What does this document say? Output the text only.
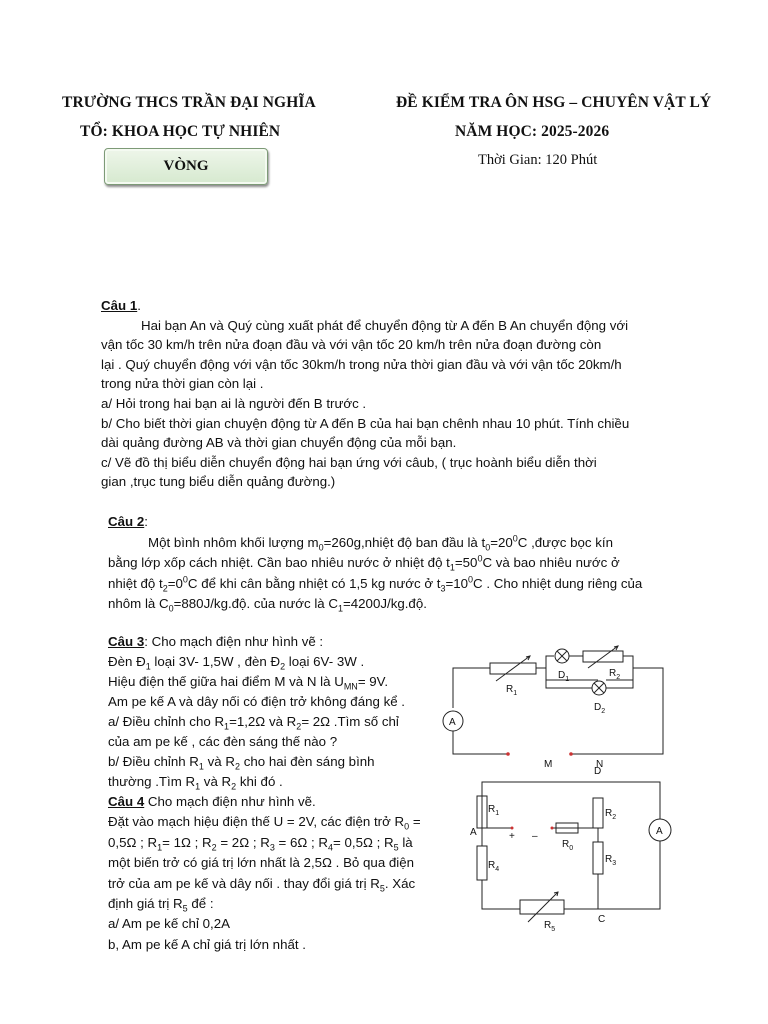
TRƯỜNG THCS TRẦN ĐẠI NGHĨA
TỔ: KHOA HỌC TỰ NHIÊN
ĐỀ KIỂM TRA ÔN HSG – CHUYÊN VẬT LÝ
NĂM HỌC: 2025-2026
VÒNG	Thời Gian: 120 Phút

Câu 1.

Hai bạn An và Quý cùng xuất phát để chuyển động từ A đến B An chuyển động với

vận tốc 30 km/h trên nửa đoạn đầu và với vận tốc 20 km/h trên nửa đoạn đường còn

lại . Quý chuyển động với vận tốc 30km/h trong nửa thời gian đầu và với vận tốc 20km/h

trong nửa thời gian còn lại .

a/ Hỏi trong hai bạn ai là người đến B trước .

b/ Cho biết thời gian chuyện động từ A đến B của hai bạn chênh nhau 10 phút. Tính chiều

dài quảng đường AB và thời gian chuyển động của mỗi bạn.

c/ Vẽ đồ thị biểu diễn chuyển động hai bạn ứng với câub, ( trục hoành biểu diễn thời

gian ,trục tung biểu diễn quảng đường.)

Câu 2:

Một bình nhôm khối lượng $m_0=260g,nhiệt$ độ ban đầu là $t_0=20^0C$ ,được bọc kín

bằng lớp xốp cách nhiệt. Cần bao nhiêu nước ở nhiệt độ $t_1=50^0C$ và bao nhiêu nước ở

nhiệt độ $t_2=0^0C$ để khi cân bằng nhiệt có 1,5 kg nước ở $t_3=10^0C$ . Cho nhiệt dung riêng của

nhôm là $C_0=880J/kg.độ$. của nước là $C_1=4200J/kg.độ$.

Câu 3: Cho mạch điện như hình vẽ :

Đèn $Đ_1$ loại 3V- 1,5W , đèn $Đ_2$ loại 6V- 3W .

Hiệu điện thế giữa hai điểm M và N là $U_{MN}= 9V$.

Am pe kế A và dây nối có điện trở không đáng kể .

a/ Điều chỉnh cho $R_1=1,2\Omega$ và $R_2= 2\Omega$ .Tìm số chỉ

của am pe kế , các đèn sáng thế nào ?

b/ Điều chỉnh $R_1$ và $R_2$ cho hai đèn sáng bình

thường .Tìm $R_1$ và $R_2$ khi đó .

Câu 4 Cho mạch điện như hình vẽ.

Đặt vào mạch hiệu điện thế U = 2V, các điện trở $R_0$ =

0,5Ω ; $R_1= 1\Omega$ ; $R_2 = 2\Omega$ ; $R_3 = 6\Omega$ ; $R_4= 0,5\Omega$ ; $R_5$ là

một biến trở có giá trị lớn nhất là 2,5Ω . Bỏ qua điện

trở của am pe kế và dây nối . thay đổi giá trị $R_5$. Xác

định giá trị $R_5$ để :

a/ Am pe kế chỉ 0,2A

b, Am pe kế A chỉ giá trị lớn nhất .

A
$R_1$
$D_1$
$R_2$
$D_2$
M	N
A
D
C
A
+ –
$R_1$	$R_2$
$R_3$
$R_4$
$R_0$
$R_5$
